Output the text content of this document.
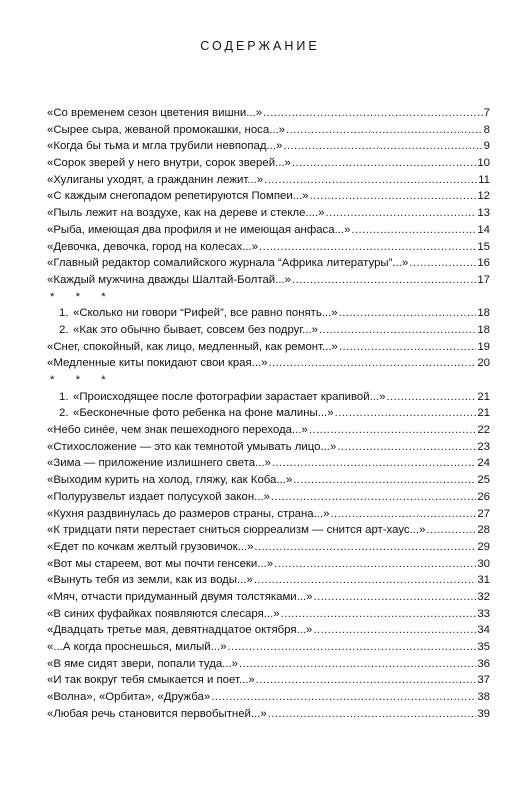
СОДЕРЖАНИЕ
«Со временем сезон цветения вишни...» .....	7
«Сырее сыра, жеваной промокашки, носа...» .....	8
«Когда бы тьма и мгла трубили невпопад...» .....	9
«Сорок зверей у него внутри, сорок зверей...» .....	10
«Хулиганы уходят, а гражданин лежит...» .....	11
«С каждым снегопадом репетируются Помпеи...» .....	12
«Пыль лежит на воздухе, как на дереве и стекле....» .....	13
«Рыба, имеющая два профиля и не имеющая анфаса...» .....	14
«Девочка, девочка, город на колесах...» .....	15
«Главный редактор сомалийского журнала “Африка литературы”...» .....	16
«Каждый мужчина дважды Шалтай-Болтай...» .....	17
* * *
1. «Сколько ни говори “Рифей”, все равно понять...» .....	18
2. «Как это обычно бывает, совсем без подруг...» .....	18
«Снег, спокойный, как лицо, медленный, как ремонт...» .....	19
«Медленные киты покидают свои края...» .....	20
* * *
1. «Происходящее после фотографии зарастает крапивой...» .....	21
2. «Бесконечные фото ребенка на фоне малины...» .....	21
«Небо синée, чем знак пешеходного перехода...» .....	22
«Стихосложение — это как темнотой умывать лицо...» .....	23
«Зима — приложение излишнего света...» .....	24
«Выходим курить на холод, гляжу, как Коба...» .....	25
«Полурузвельт издает полусухой закон...» .....	26
«Кухня раздвинулась до размеров страны, страна...» .....	27
«К тридцати пяти перестает сниться сюрреализм — снится арт-хаус...» .....	28
«Едет по кочкам желтый грузовичок...» .....	29
«Вот мы стареем, вот мы почти генсеки...» .....	30
«Вынуть тебя из земли, как из воды...» .....	31
«Мяч, отчасти придуманный двумя толстяками...» .....	32
«В синих фуфайках появляются слесаря...» .....	33
«Двадцать третье мая, девятнадцатое октября...» .....	34
«...А когда проснешься, милый...» .....	35
«В яме сидят звери, попали туда...» .....	36
«И так вокруг тебя смыкается и поет...» .....	37
«Волна», «Орбита», «Дружба» .....	38
«Любая речь становится первобытней...» .....	39
